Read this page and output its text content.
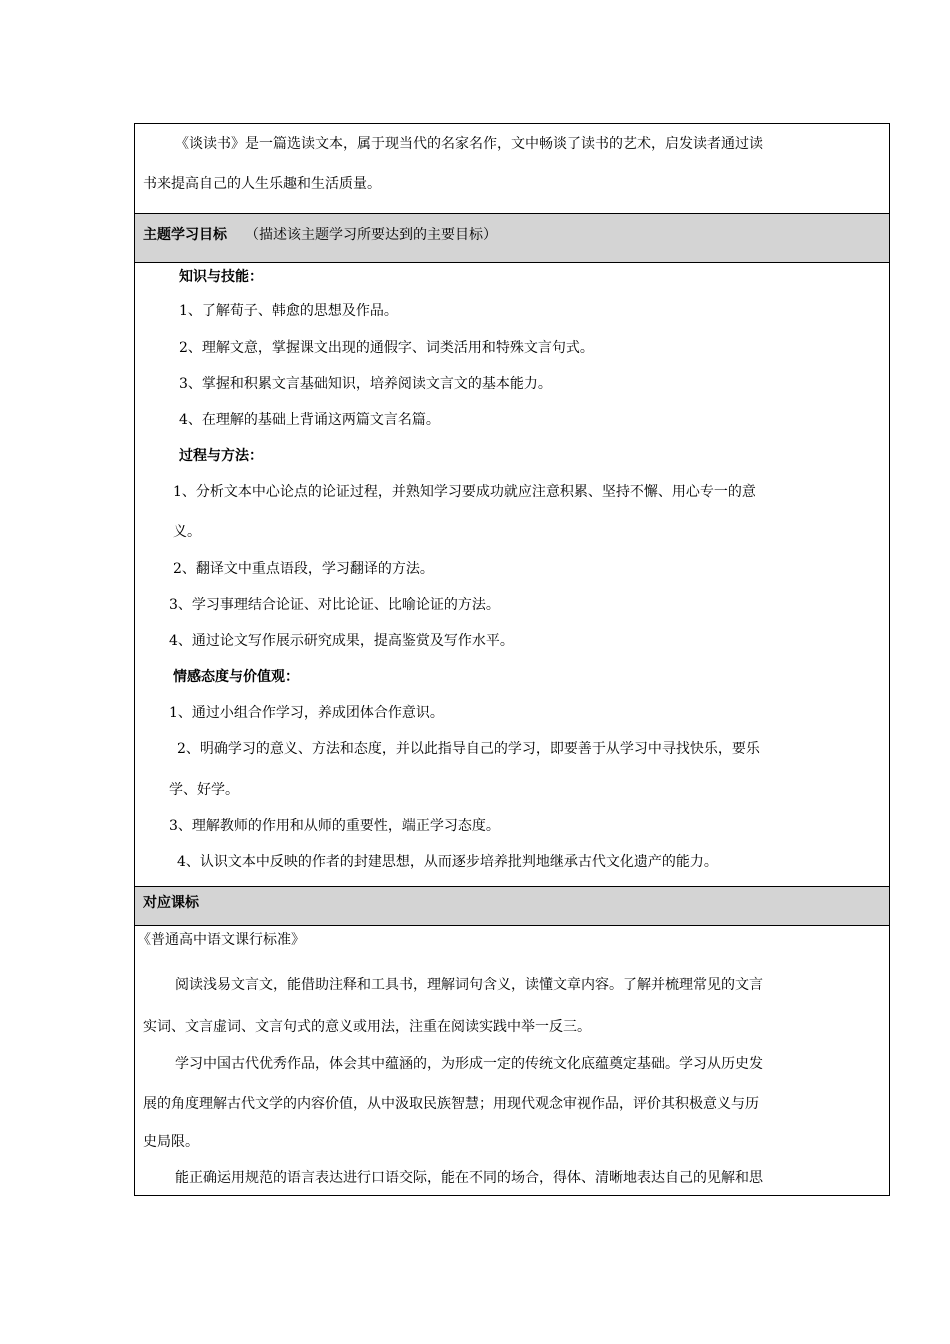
《谈读书》是一篇选读文本，属于现当代的名家名作，文中畅谈了读书的艺术，启发读者通过读
书来提高自己的人生乐趣和生活质量。
主题学习目标 （描述该主题学习所要达到的主要目标）
知识与技能：
1、了解荀子、韩愈的思想及作品。
2、理解文意，掌握课文出现的通假字、词类活用和特殊文言句式。
3、掌握和积累文言基础知识，培养阅读文言文的基本能力。
4、在理解的基础上背诵这两篇文言名篇。
过程与方法：
1、分析文本中心论点的论证过程，并熟知学习要成功就应注意积累、坚持不懈、用心专一的意
义。
2、翻译文中重点语段，学习翻译的方法。
3、学习事理结合论证、对比论证、比喻论证的方法。
4、通过论文写作展示研究成果，提高鉴赏及写作水平。
情感态度与价值观：
1、通过小组合作学习，养成团体合作意识。
2、明确学习的意义、方法和态度，并以此指导自己的学习，即要善于从学习中寻找快乐，要乐
学、好学。
3、理解教师的作用和从师的重要性，端正学习态度。
4、认识文本中反映的作者的封建思想，从而逐步培养批判地继承古代文化遗产的能力。
对应课标
《普通高中语文课行标准》
阅读浅易文言文，能借助注释和工具书，理解词句含义，读懂文章内容。了解并梳理常见的文言
实词、文言虚词、文言句式的意义或用法，注重在阅读实践中举一反三。
学习中国古代优秀作品，体会其中蕴涵的，为形成一定的传统文化底蕴奠定基础。学习从历史发
展的角度理解古代文学的内容价值，从中汲取民族智慧；用现代观念审视作品，评价其积极意义与历
史局限。
能正确运用规范的语言表达进行口语交际，能在不同的场合，得体、清晰地表达自己的见解和思
